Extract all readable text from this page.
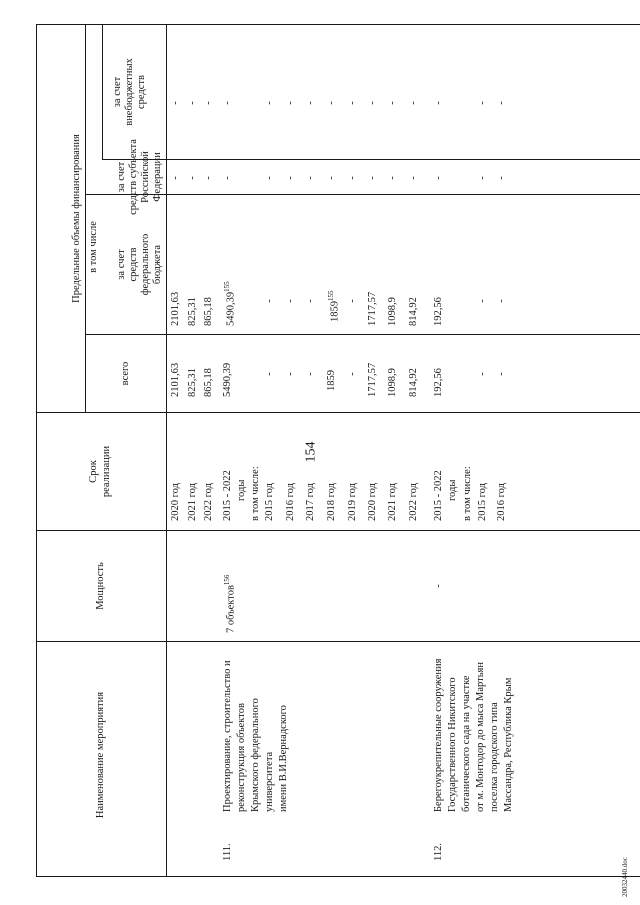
154
Наименование мероприятия
Мощность
Срок реализации
всего
Предельные объемы финансирования в том числе за счет средств федерального бюджета
за счет средств субъекта Российской Федерации
за счет внебюджетных средств
2020 год
2101,63
2101,63
-
-
2021 год
825,31
825,31
-
-
2022 год
865,18
865,18
-
-
111.
Проектирование, строительство и реконструкция объектов Крымского федерального университета имени В.И.Вернадского
7 объектов$^{156}$
2015 - 2022 годы
5490,39
5490,39$^{155}$
-
-
в том числе: 2015 год
-
-
-
-
2016 год
-
-
-
-
2017 год
-
-
-
-
2018 год
1859
1859$^{155}$
-
-
2019 год
-
-
-
-
2020 год
1717,57
1717,57
-
-
2021 год
1098,9
1098,9
-
-
2022 год
814,92
814,92
-
-
112.
Берегоукрепительные сооружения Государственного Никитского ботанического сада на участке от м. Монтодор до мыса Мартьян поселка городского типа Массандра, Республика Крым
-
2015 - 2022 годы
192,56
192,56
-
-
в том числе: 2015 год
-
-
-
-
2016 год
-
-
-
-
20032440.doc
